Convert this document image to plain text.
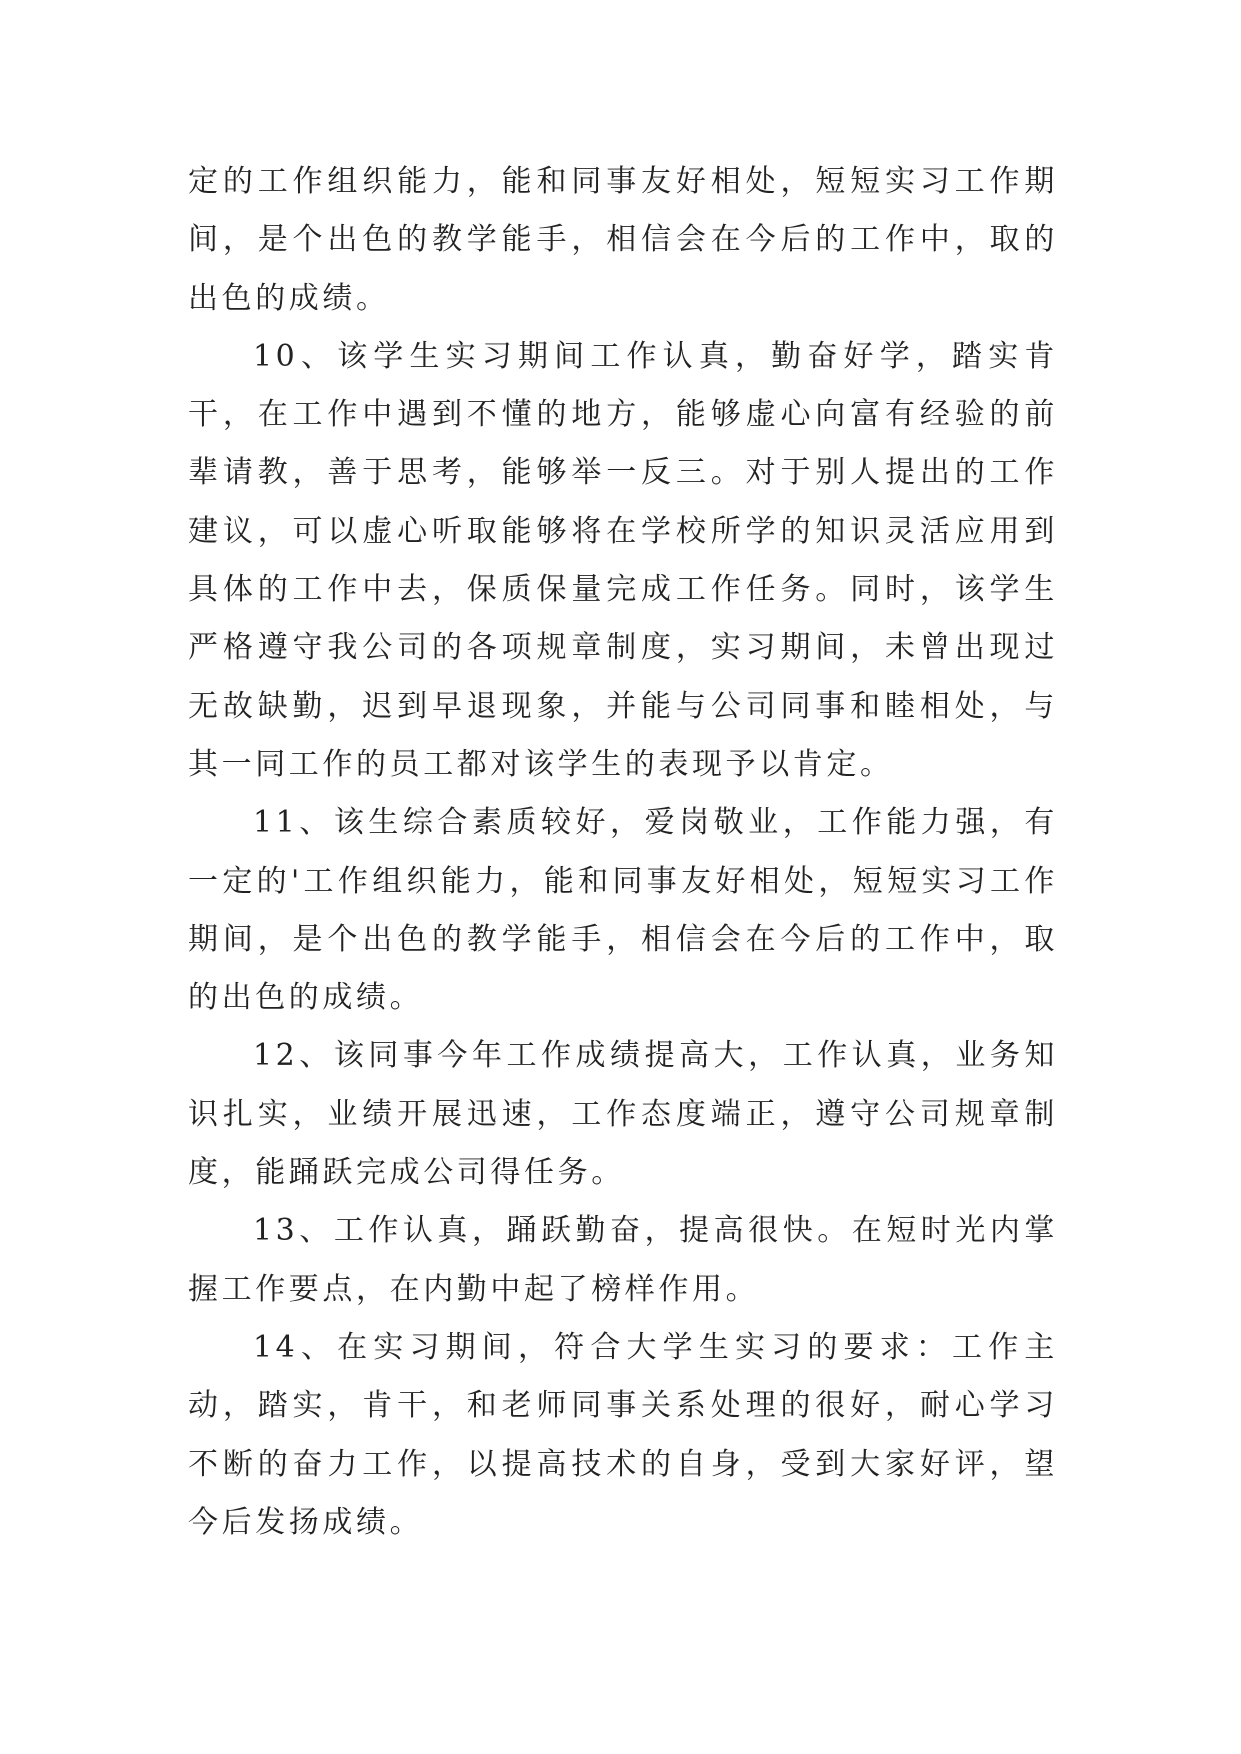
定的工作组织能力，能和同事友好相处，短短实习工作期间，是个出色的教学能手，相信会在今后的工作中，取的出色的成绩。

10、该学生实习期间工作认真，勤奋好学，踏实肯干，在工作中遇到不懂的地方，能够虚心向富有经验的前辈请教，善于思考，能够举一反三。对于别人提出的工作建议，可以虚心听取能够将在学校所学的知识灵活应用到具体的工作中去，保质保量完成工作任务。同时，该学生严格遵守我公司的各项规章制度，实习期间，未曾出现过无故缺勤，迟到早退现象，并能与公司同事和睦相处，与其一同工作的员工都对该学生的表现予以肯定。

11、该生综合素质较好，爱岗敬业，工作能力强，有一定的'工作组织能力，能和同事友好相处，短短实习工作期间，是个出色的教学能手，相信会在今后的工作中，取的出色的成绩。

12、该同事今年工作成绩提高大，工作认真，业务知识扎实，业绩开展迅速，工作态度端正，遵守公司规章制度，能踊跃完成公司得任务。

13、工作认真，踊跃勤奋，提高很快。在短时光内掌握工作要点，在内勤中起了榜样作用。

14、在实习期间，符合大学生实习的要求：工作主动，踏实，肯干，和老师同事关系处理的很好，耐心学习不断的奋力工作，以提高技术的自身，受到大家好评，望今后发扬成绩。
